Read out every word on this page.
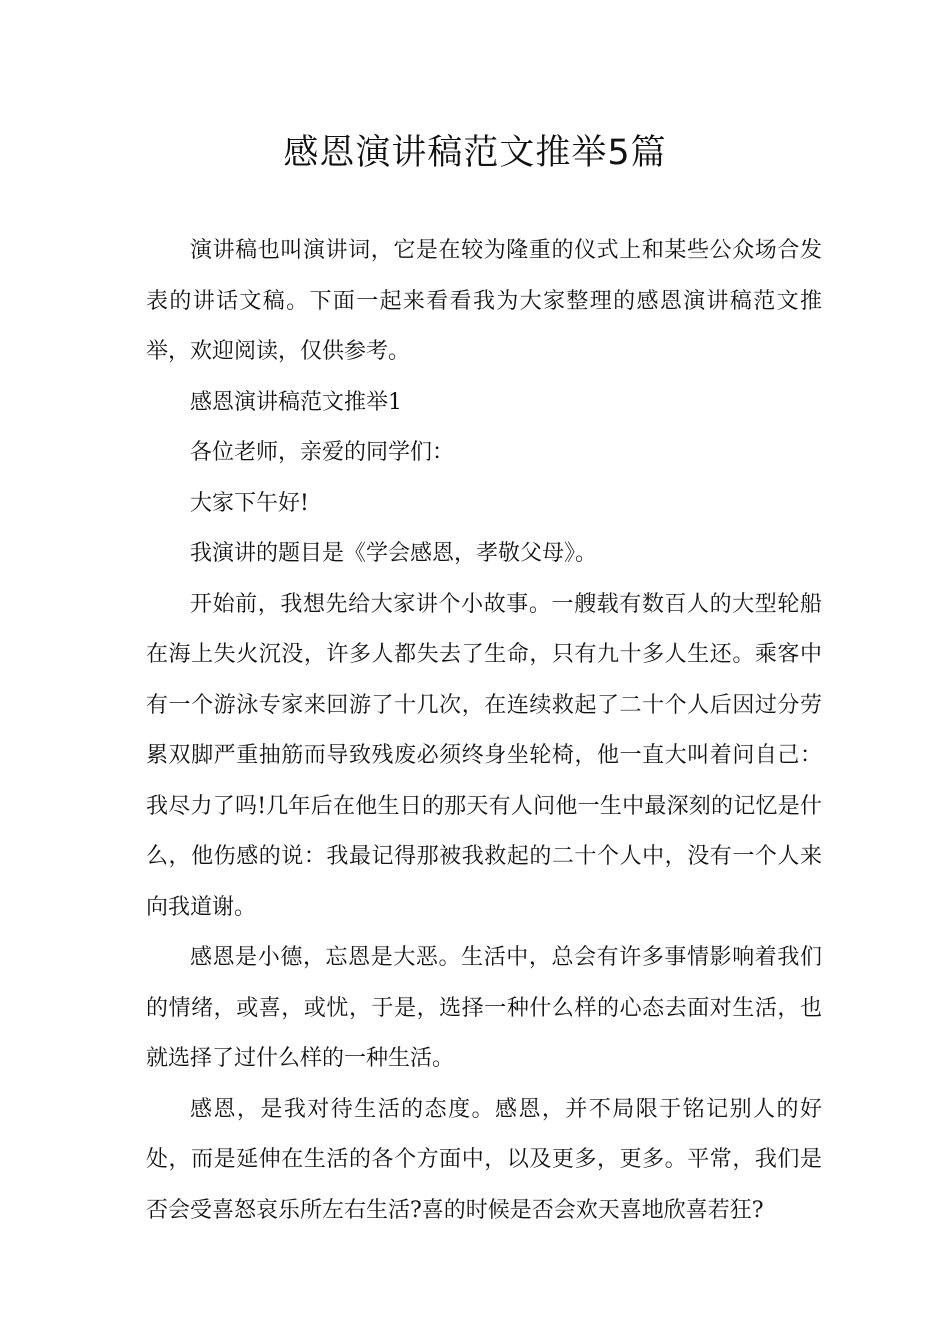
感恩演讲稿范文推举5篇

演讲稿也叫演讲词，它是在较为隆重的仪式上和某些公众场合发表的讲话文稿。下面一起来看看我为大家整理的感恩演讲稿范文推举，欢迎阅读，仅供参考。

感恩演讲稿范文推举1

各位老师，亲爱的同学们：

大家下午好!

我演讲的题目是《学会感恩，孝敬父母》。

开始前，我想先给大家讲个小故事。一艘载有数百人的大型轮船在海上失火沉没，许多人都失去了生命，只有九十多人生还。乘客中有一个游泳专家来回游了十几次，在连续救起了二十个人后因过分劳累双脚严重抽筋而导致残废必须终身坐轮椅，他一直大叫着问自己：我尽力了吗!几年后在他生日的那天有人问他一生中最深刻的记忆是什么，他伤感的说：我最记得那被我救起的二十个人中，没有一个人来向我道谢。

感恩是小德，忘恩是大恶。生活中，总会有许多事情影响着我们的情绪，或喜，或忧，于是，选择一种什么样的心态去面对生活，也就选择了过什么样的一种生活。

感恩，是我对待生活的态度。感恩，并不局限于铭记别人的好处，而是延伸在生活的各个方面中，以及更多，更多。平常，我们是否会受喜怒哀乐所左右生活?喜的时候是否会欢天喜地欣喜若狂?
